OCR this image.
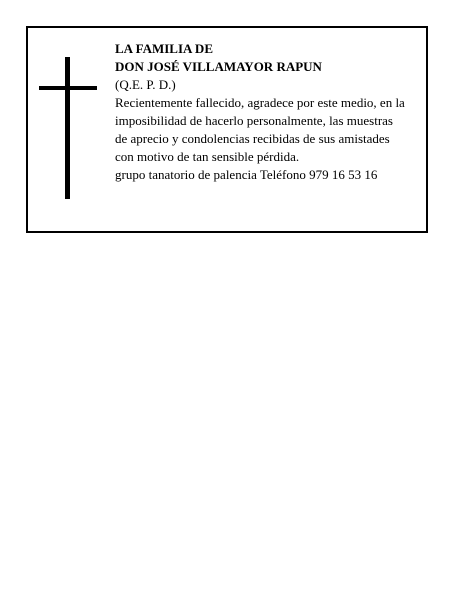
LA FAMILIA DE
DON JOSÉ VILLAMAYOR RAPUN
(Q.E. P. D.)
Recientemente fallecido, agradece por este medio, en la
imposibilidad de hacerlo personalmente, las muestras
de aprecio y condolencias recibidas de sus amistades
con motivo de tan sensible pérdida.
grupo tanatorio de palencia Teléfono 979 16 53 16
